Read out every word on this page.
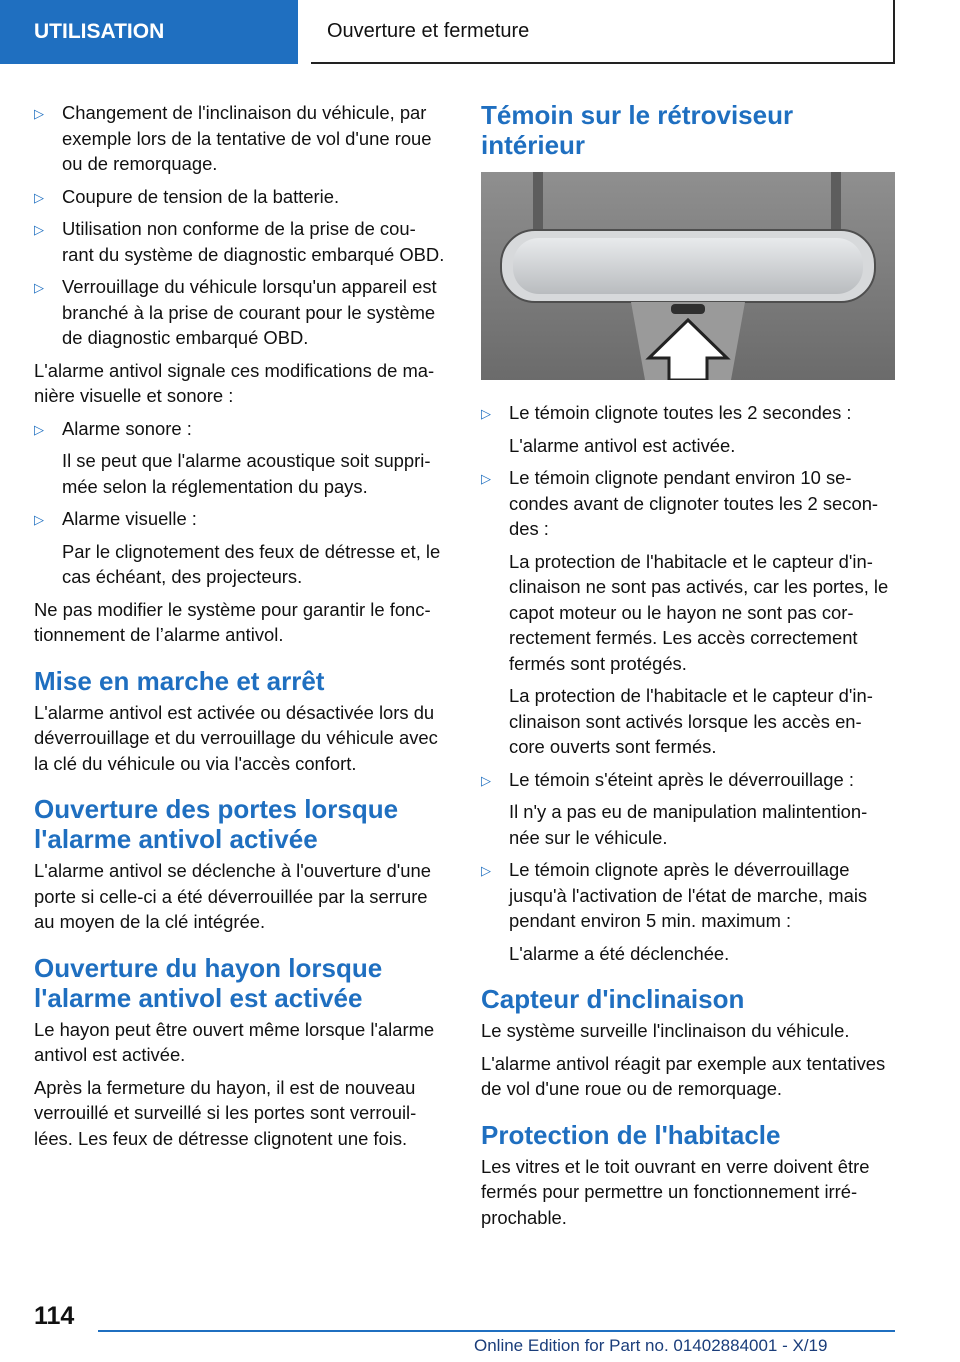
UTILISATION	Ouverture et fermeture
▷ Changement de l'inclinaison du véhicule, par exemple lors de la tentative de vol d'une roue ou de remorquage.
▷ Coupure de tension de la batterie.
▷ Utilisation non conforme de la prise de cou‐ rant du système de diagnostic embarqué OBD.
▷ Verrouillage du véhicule lorsqu'un appareil est branché à la prise de courant pour le système de diagnostic embarqué OBD.

L'alarme antivol signale ces modifications de ma‐ nière visuelle et sonore :

▷ Alarme sonore :
Il se peut que l'alarme acoustique soit suppri‐ mée selon la réglementation du pays.
▷ Alarme visuelle :
Par le clignotement des feux de détresse et, le cas échéant, des projecteurs.

Ne pas modifier le système pour garantir le fonc‐ tionnement de l’alarme antivol.

Mise en marche et arrêt

L'alarme antivol est activée ou désactivée lors du déverrouillage et du verrouillage du véhicule avec la clé du véhicule ou via l'accès confort.

Ouverture des portes lorsque l'alarme antivol activée

L'alarme antivol se déclenche à l'ouverture d'une porte si celle-ci a été déverrouillée par la serrure au moyen de la clé intégrée.

Ouverture du hayon lorsque l'alarme antivol est activée

Le hayon peut être ouvert même lorsque l'alarme antivol est activée.

Après la fermeture du hayon, il est de nouveau verrouillé et surveillé si les portes sont verrouil‐ lées. Les feux de détresse clignotent une fois.

Témoin sur le rétroviseur intérieur
▷ Le témoin clignote toutes les 2 secondes :
L'alarme antivol est activée.
▷ Le témoin clignote pendant environ 10 se‐ condes avant de clignoter toutes les 2 secon‐ des :
La protection de l'habitacle et le capteur d'in‐ clinaison ne sont pas activés, car les portes, le capot moteur ou le hayon ne sont pas cor‐ rectement fermés. Les accès correctement fermés sont protégés.
La protection de l'habitacle et le capteur d'in‐ clinaison sont activés lorsque les accès en‐ core ouverts sont fermés.
▷ Le témoin s'éteint après le déverrouillage :
Il n'y a pas eu de manipulation malintention‐ née sur le véhicule.
▷ Le témoin clignote après le déverrouillage jusqu'à l'activation de l'état de marche, mais pendant environ 5 min. maximum :
L'alarme a été déclenchée.
Capteur d'inclinaison

Le système surveille l'inclinaison du véhicule.

L'alarme antivol réagit par exemple aux tentatives de vol d'une roue ou de remorquage.

Protection de l'habitacle

Les vitres et le toit ouvrant en verre doivent être fermés pour permettre un fonctionnement irré‐ prochable.

114
Online Edition for Part no. 01402884001 - X/19
